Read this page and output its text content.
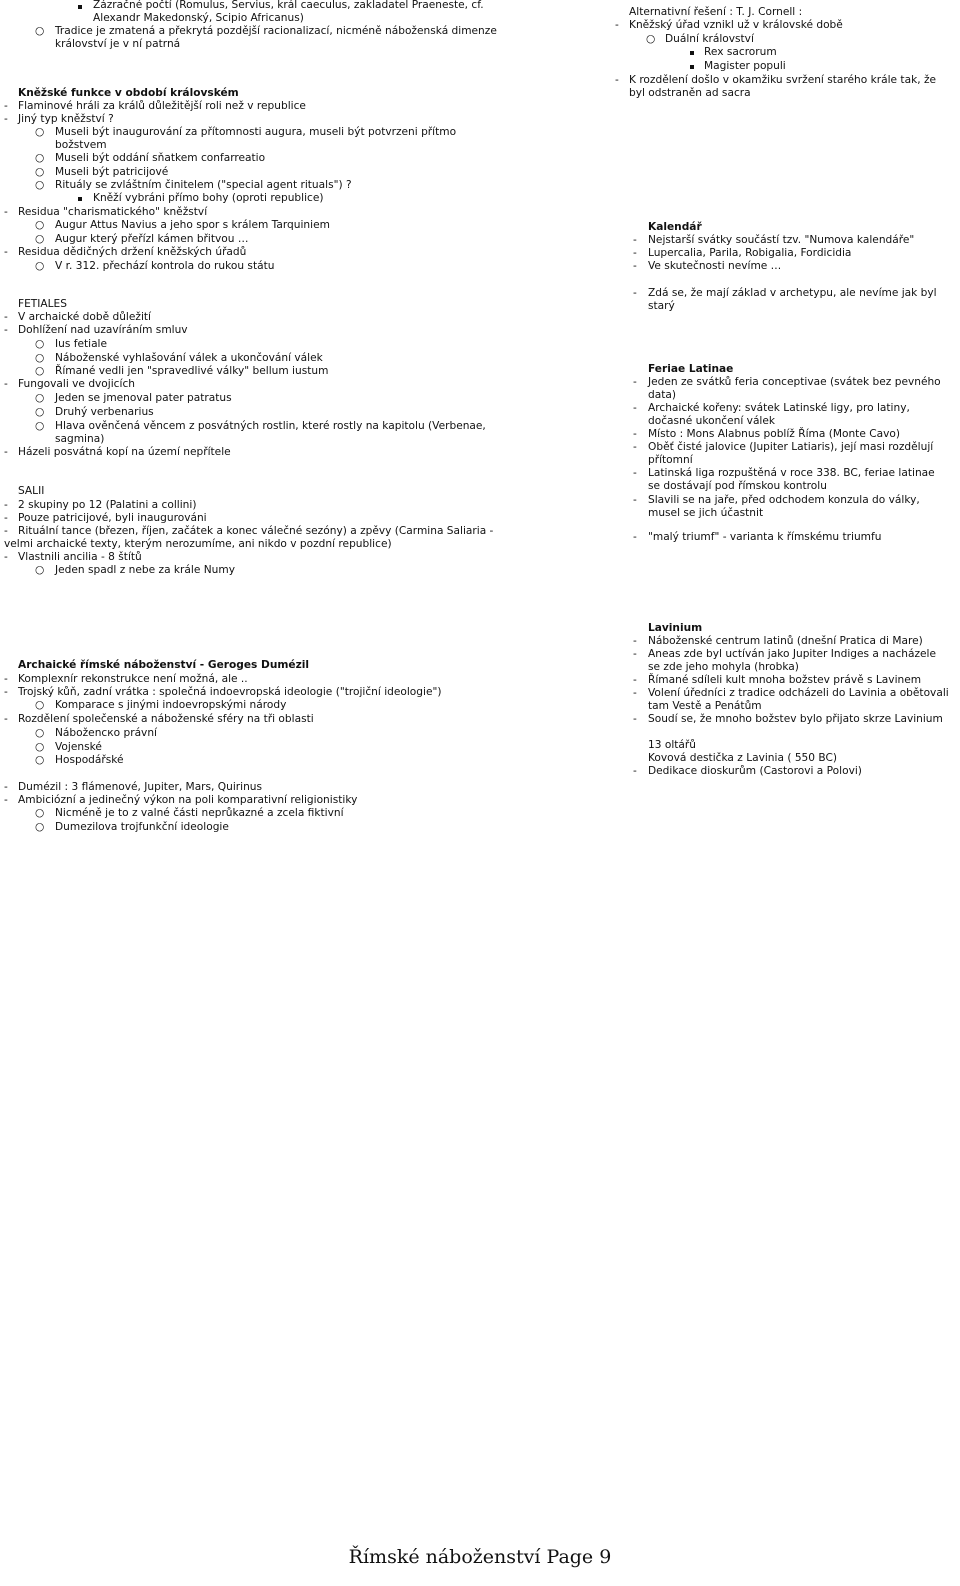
Zázračné počtí (Romulus, Servius, král caeculus, zakladatel Praeneste, cf.
Alexandr Makedonský, Scipio Africanus)
○ Tradice je zmatená a překrytá pozdější racionalizací, nicméně náboženská dimenze
království je v ní patrná
Kněžské funkce v období královském
- Flaminové hráli za králů důležitější roli než v republice
- Jiný typ kněžství ?
○ Museli být inaugurování za přítomnosti augura, museli být potvrzeni přítmo
božstvem
○ Museli být oddání sňatkem confarreatio
○ Museli být patricijové
○ Rituály se zvláštním činitelem ("special agent rituals") ?
Kněží vybráni přímo bohy (oproti republice)
- Residua "charismatického" kněžství
○ Augur Attus Navius a jeho spor s králem Tarquiniem
○ Augur který přeřízl kámen břitvou …
- Residua dědičných držení kněžských úřadů
○ V r. 312. přechází kontrola do rukou státu
FETIALES
- V archaické době důležití
- Dohlížení nad uzavíráním smluv
○ Ius fetiale
○ Náboženské vyhlašování válek a ukončování válek
○ Římané vedli jen "spravedlivé války" bellum iustum
- Fungovali ve dvojicích
○ Jeden se jmenoval pater patratus
○ Druhý verbenarius
○ Hlava ověnčená věncem z posvátných rostlin, které rostly na kapitolu (Verbenae,
sagmina)
- Házeli posvátná kopí na území nepřítele
SALII
- 2 skupiny po 12 (Palatini a collini)
- Pouze patricijové, byli inaugurováni
- Rituální tance (březen, říjen, začátek a konec válečné sezóny) a zpěvy (Carmina Saliaria -
velmi archaické texty, kterým nerozumíme, ani nikdo v pozdní republice)
- Vlastnili ancilia - 8 štítů
○ Jeden spadl z nebe za krále Numy
Archaické římské náboženství - Geroges Dumézil
- Komplexnír rekonstrukce není možná, ale ..
- Trojský kůň, zadní vrátka : společná indoevropská ideologie ("trojiční ideologie")
○ Komparace s jinými indoevropskými národy
- Rozdělení společenské a náboženské sféry na tři oblasti
○ Náboženско právní
○ Vojenské
○ Hospodářské
- Dumézil : 3 flámenové, Jupiter, Mars, Quirinus
- Ambiciózní a jedinečný výkon na poli komparativní religionistiky
○ Nicméně je to z valné části neprůkazné a zcela fiktivní
○ Dumezilova trojfunkční ideologie
Alternativní řešení : T. J. Cornell :
- Kněžský úřad vznikl už v královské době
○ Duální království
Rex sacrorum
Magister populi
- K rozdělení došlo v okamžiku svržení starého krále tak, že
byl odstraněn ad sacra
Kalendář
- Nejstarší svátky součástí tzv. "Numova kalendáře"
- Lupercalia, Parila, Robigalia, Fordicidia
- Ve skutečnosti nevíme …
- Zdá se, že mají základ v archetypu, ale nevíme jak byl
starý
Feriae Latinae
- Jeden ze svátků feria conceptivae (svátek bez pevného
data)
- Archaické kořeny: svátek Latinské ligy, pro latiny,
dočasné ukončení válek
- Místo : Mons Alabnus poblíž Říma (Monte Cavo)
- Oběť čisté jalovice (Jupiter Latiaris), její masi rozdělují
přítomní
- Latinská liga rozpuštěná v roce 338. BC, feriae latinae
se dostávají pod římskou kontrolu
- Slavili se na jaře, před odchodem konzula do války,
musel se jich účastnit
- "malý triumf" - varianta k římskému triumfu
Lavinium
- Náboženské centrum latinů (dnešní Pratica di Mare)
- Aneas zde byl uctíván jako Jupiter Indiges a nacházele
se zde jeho mohyla (hrobka)
- Římané sdíleli kult mnoha božstev právě s Lavinem
- Volení úředníci z tradice odcházeli do Lavinia a obětovali
tam Vestě a Penátům
- Soudí se, že mnoho božstev bylo přijato skrze Lavinium
13 oltářů
Kovová destička z Lavinia ( 550 BC)
- Dedikace dioskurům (Castorovi a Polovi)
Římské náboženství Page 9
